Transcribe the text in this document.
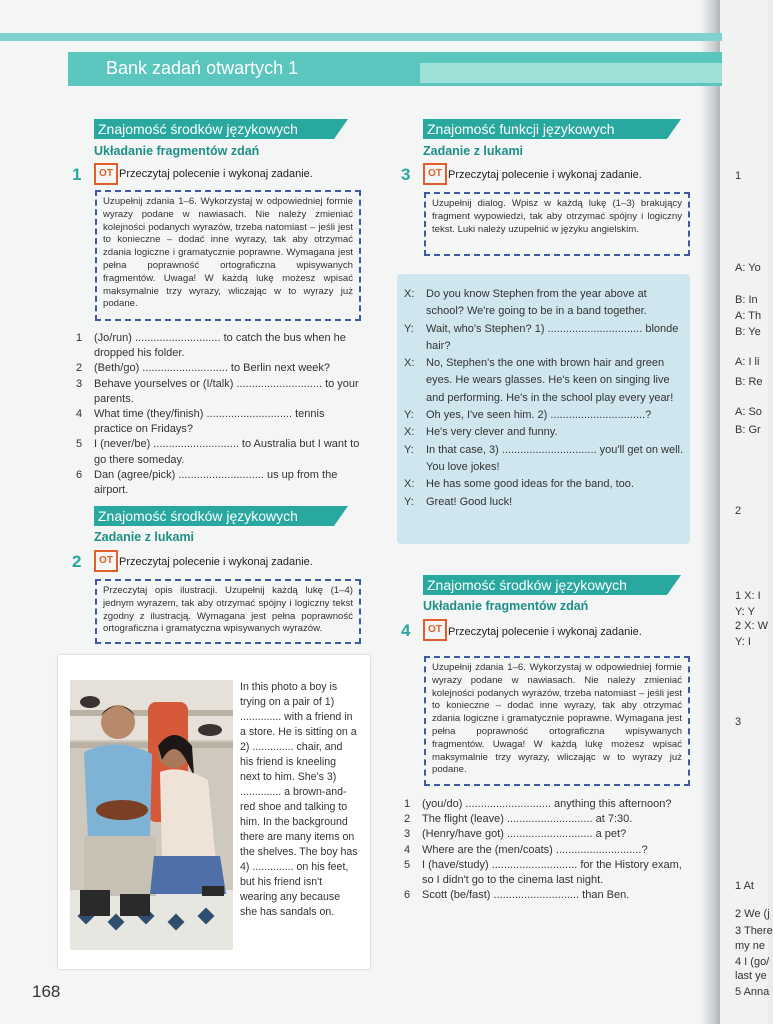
Bank zadań otwartych 1
Znajomość środków językowych
Układanie fragmentów zdań
1	OT Przeczytaj polecenie i wykonaj zadanie.
Uzupełnij zdania 1–6. Wykorzystaj w odpowiedniej formie wyrazy podane w nawiasach. Nie należy zmieniać kolejności podanych wyrazów, trzeba natomiast – jeśli jest to konieczne – dodać inne wyrazy, tak aby otrzymać zdania logiczne i gramatycznie poprawne. Wymagana jest pełna poprawność ortograficzna wpisywanych fragmentów. Uwaga! W każdą lukę możesz wpisać maksymalnie trzy wyrazy, wliczając w to wyrazy już podane.
1	(Jo/run) ............................ to catch the bus when he dropped his folder.
2	(Beth/go) ............................ to Berlin next week?
3	Behave yourselves or (I/talk) ............................ to your parents.
4	What time (they/finish) ............................ tennis practice on Fridays?
5	I (never/be) ............................ to Australia but I want to go there someday.
6	Dan (agree/pick) ............................ us up from the airport.
Znajomość środków językowych
Zadanie z lukami
2	OT Przeczytaj polecenie i wykonaj zadanie.
Przeczytaj opis ilustracji. Uzupełnij każdą lukę (1–4) jednym wyrazem, tak aby otrzymać spójny i logiczny tekst zgodny z ilustracją. Wymagana jest pełna poprawność ortograficzna i gramatyczna wpisywanych wyrazów.
In this photo a boy is trying on a pair of 1) .............. with a friend in a store. He is sitting on a 2) .............. chair, and his friend is kneeling next to him. She's 3) .............. a brown-and-red shoe and talking to him. In the background there are many items on the shelves. The boy has 4) .............. on his feet, but his friend isn't wearing any because she has sandals on.
168
Znajomość funkcji językowych
Zadanie z lukami
3	OT Przeczytaj polecenie i wykonaj zadanie.
Uzupełnij dialog. Wpisz w każdą lukę (1–3) brakujący fragment wypowiedzi, tak aby otrzymać spójny i logiczny tekst. Luki należy uzupełnić w języku angielskim.
X:	Do you know Stephen from the year above at school? We're going to be in a band together.
Y:	Wait, who's Stephen? 1) ............................... blonde hair?
X:	No, Stephen's the one with brown hair and green eyes. He wears glasses. He's keen on singing live and performing. He's in the school play every year!
Y:	Oh yes, I've seen him. 2) ...............................?
X:	He's very clever and funny.
Y:	In that case, 3) ............................... you'll get on well. You love jokes!
X:	He has some good ideas for the band, too.
Y:	Great! Good luck!
Znajomość środków językowych
Układanie fragmentów zdań
4	OT Przeczytaj polecenie i wykonaj zadanie.
Uzupełnij zdania 1–6. Wykorzystaj w odpowiedniej formie wyrazy podane w nawiasach. Nie należy zmieniać kolejności podanych wyrazów, trzeba natomiast – jeśli jest to konieczne – dodać inne wyrazy, tak aby otrzymać zdania logiczne i gramatycznie poprawne. Wymagana jest pełna poprawność ortograficzna wpisywanych fragmentów. Uwaga! W każdą lukę możesz wpisać maksymalnie trzy wyrazy, wliczając w to wyrazy już podane.
1	(you/do) ............................ anything this afternoon?
2	The flight (leave) ............................ at 7:30.
3	(Henry/have got) ............................ a pet?
4	Where are the (men/coats) ............................?
5	I (have/study) ............................ for the History exam, so I didn't go to the cinema last night.
6	Scott (be/fast) ............................ than Ben.
1
A: Yo
B: In
A: Th
B: Ye
A: I li
B: Re
A: So
B: Gr
2
1 X: I
Y: Y
2 X: W
Y: I
3
1 At
2 We (j
3 There
my ne
4 I (go/
last ye
5 Anna
